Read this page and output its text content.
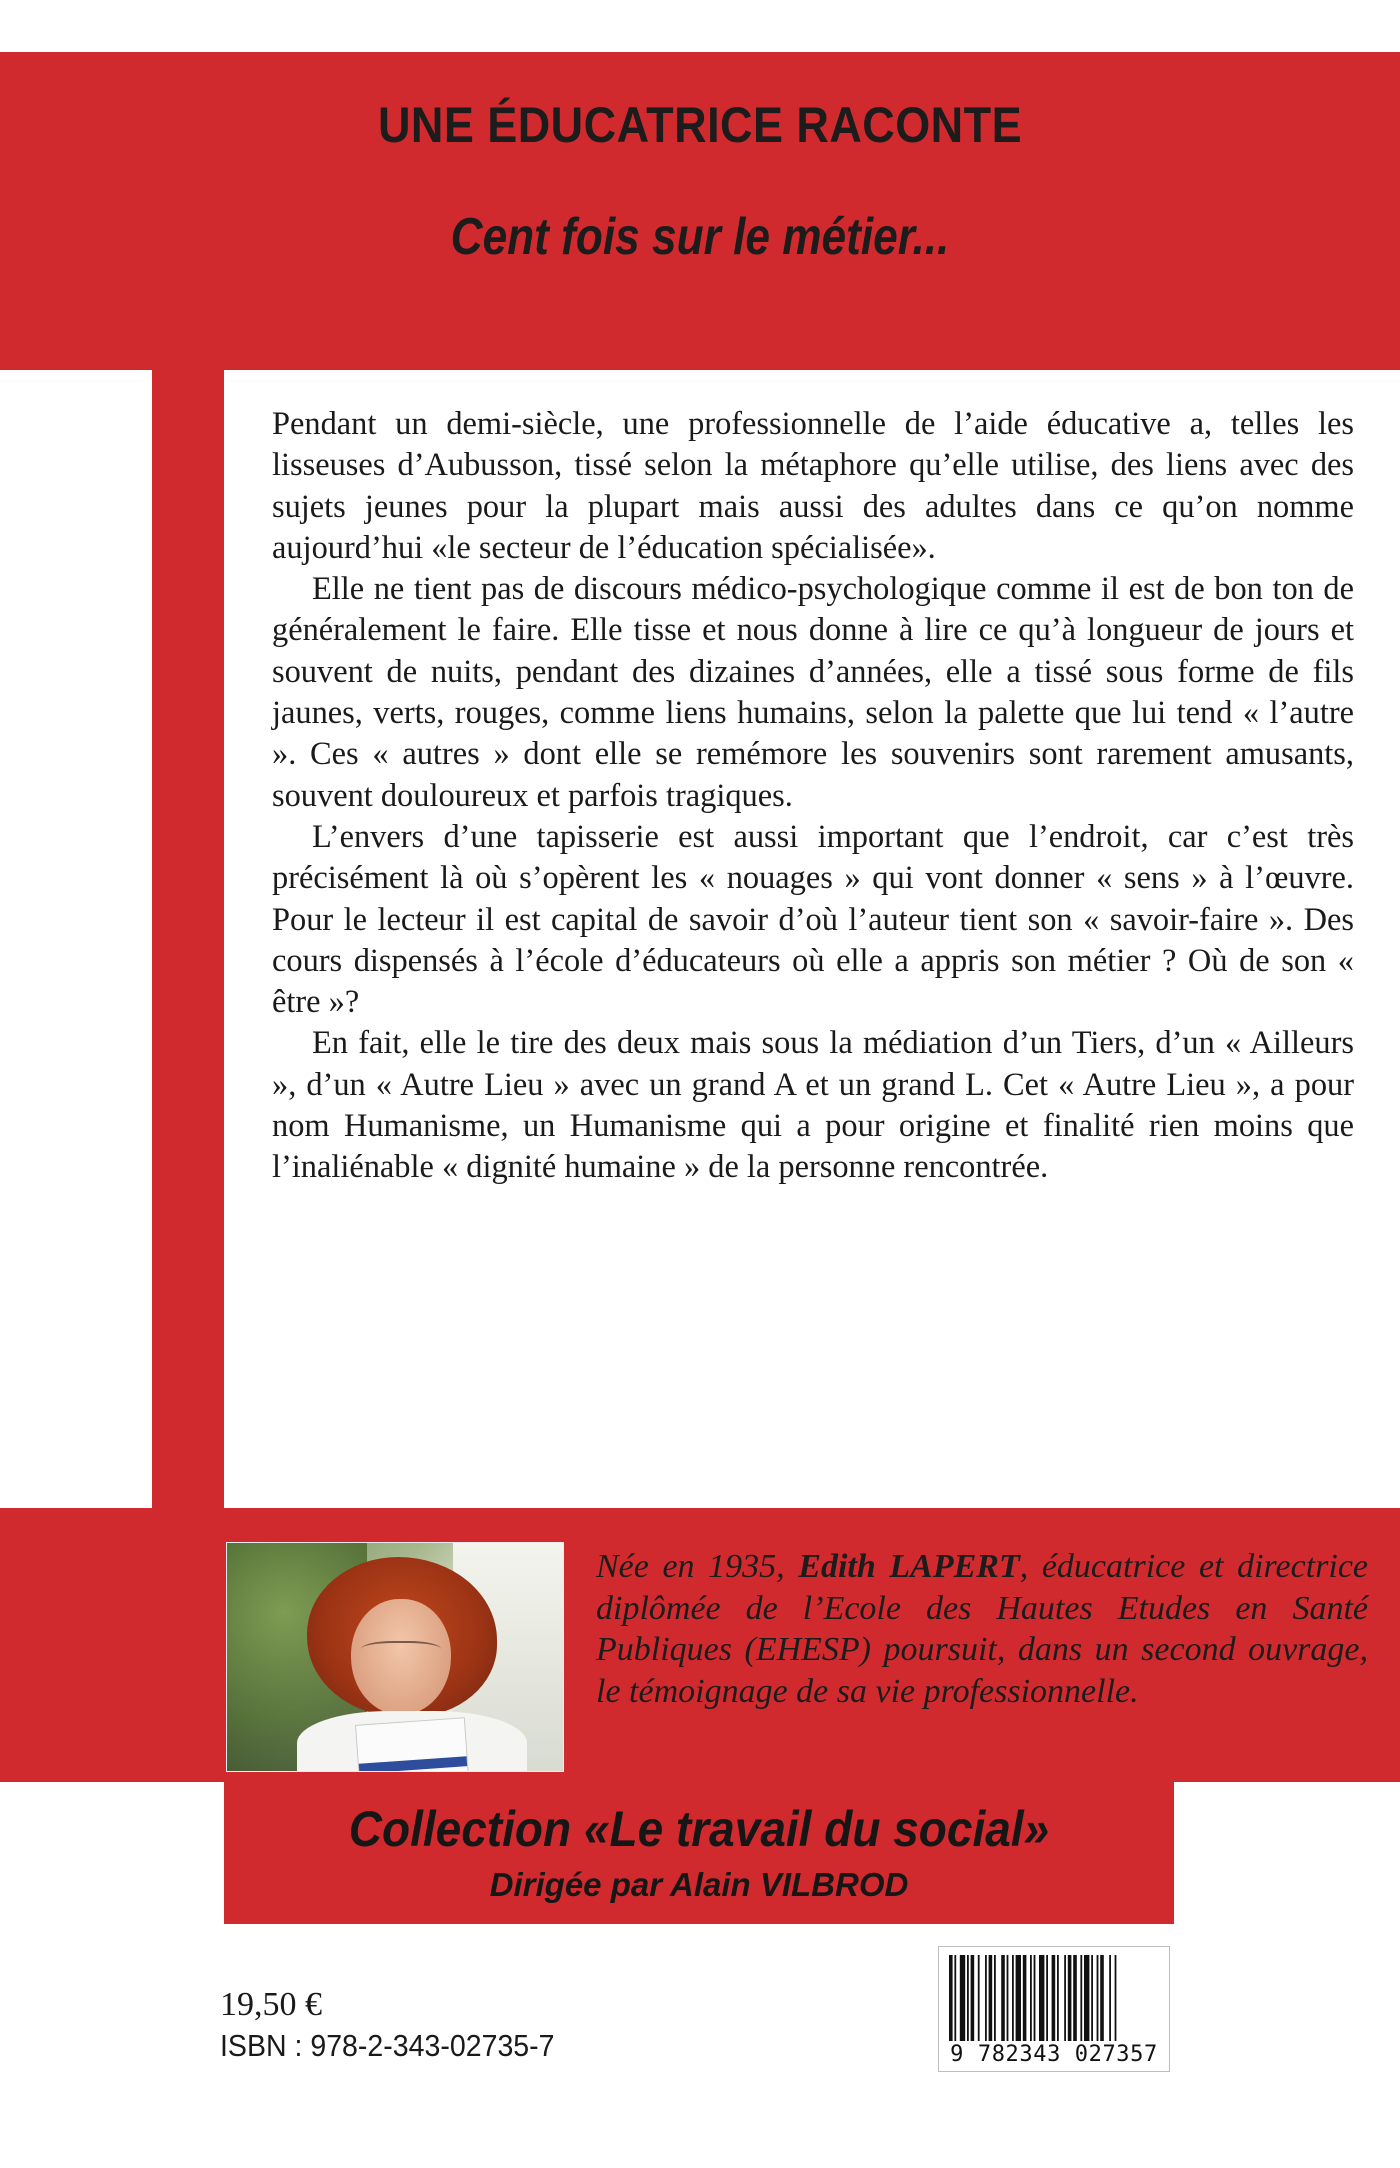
UNE ÉDUCATRICE RACONTE
Cent fois sur le métier...

Pendant un demi-siècle, une professionnelle de l’aide éducative a, telles les lisseuses d’Aubusson, tissé selon la métaphore qu’elle utilise, des liens avec des sujets jeunes pour la plupart mais aussi des adultes dans ce qu’on nomme aujourd’hui «le secteur de l’éducation spécialisée».

Elle ne tient pas de discours médico-psychologique comme il est de bon ton de généralement le faire. Elle tisse et nous donne à lire ce qu’à longueur de jours et souvent de nuits, pendant des dizaines d’années, elle a tissé sous forme de fils jaunes, verts, rouges, comme liens humains, selon la palette que lui tend « l’autre ». Ces « autres » dont elle se remémore les souvenirs sont rarement amusants, souvent douloureux et parfois tragiques.

L’envers d’une tapisserie est aussi important que l’endroit, car c’est très précisément là où s’opèrent les « nouages » qui vont donner « sens » à l’œuvre. Pour le lecteur il est capital de savoir d’où l’auteur tient son « savoir-faire ». Des cours dispensés à l’école d’éducateurs où elle a appris son métier ? Où de son « être »?

En fait, elle le tire des deux mais sous la médiation d’un Tiers, d’un « Ailleurs », d’un « Autre Lieu » avec un grand A et un grand L. Cet « Autre Lieu », a pour nom Humanisme, un Humanisme qui a pour origine et finalité rien moins que l’inaliénable « dignité humaine » de la personne rencontrée.

Née en 1935, Edith LAPERT, éducatrice et directrice diplômée de l’Ecole des Hautes Etudes en Santé Publiques (EHESP) poursuit, dans un second ouvrage, le témoignage de sa vie professionnelle.

Collection «Le travail du social»
Dirigée par Alain VILBROD
19,50 €
ISBN : 978-2-343-02735-7	9 782343 027357
